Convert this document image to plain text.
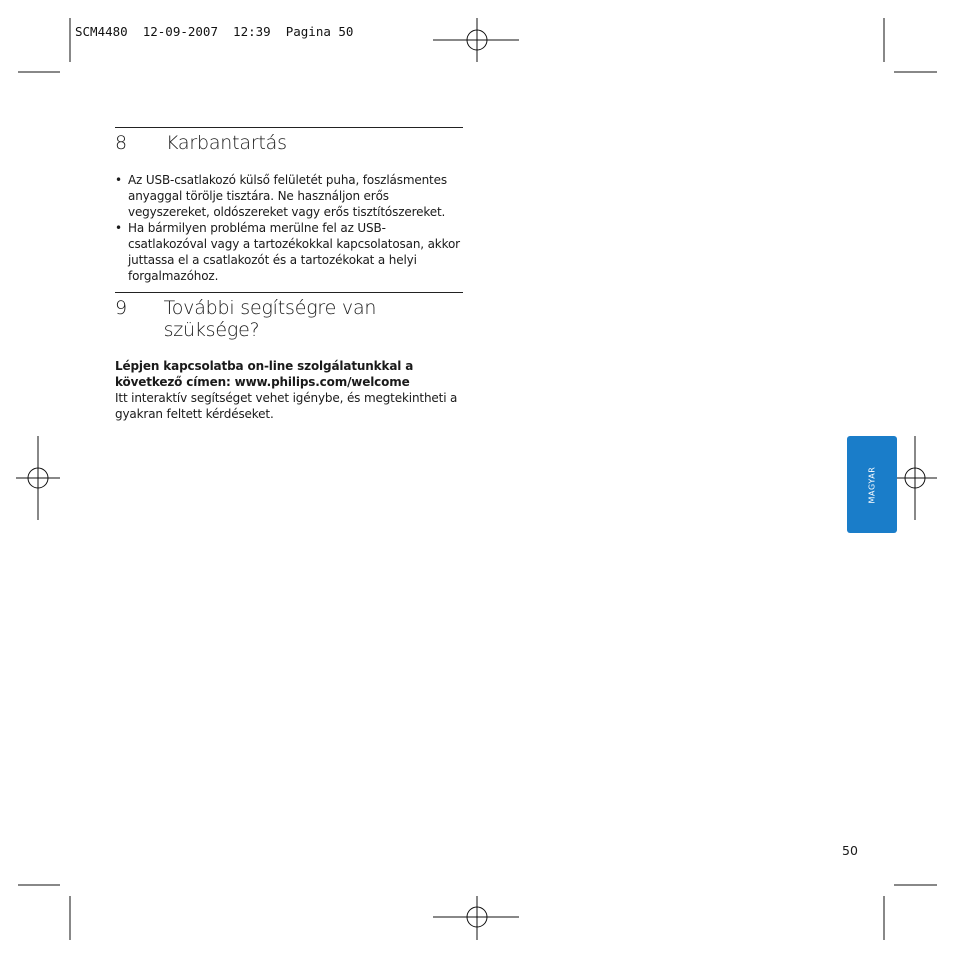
SCM4480  12-09-2007  12:39  Pagina 50
8	Karbantartás
• Az USB-csatlakozó külső felületét puha, foszlásmentes anyaggal törölje tisztára. Ne használjon erős vegyszereket, oldószereket vagy erős tisztítószereket.
• Ha bármilyen probléma merülne fel az USB-csatlakozóval vagy a tartozékokkal kapcsolatosan, akkor juttassa el a csatlakozót és a tartozékokat a helyi forgalmazóhoz.
9	További segítségre van szüksége?

Lépjen kapcsolatba on-line szolgálatunkkal a következő címen: www.philips.com/welcome

Itt interaktív segítséget vehet igénybe, és megtekintheti a gyakran feltett kérdéseket.

MAGYAR
50
